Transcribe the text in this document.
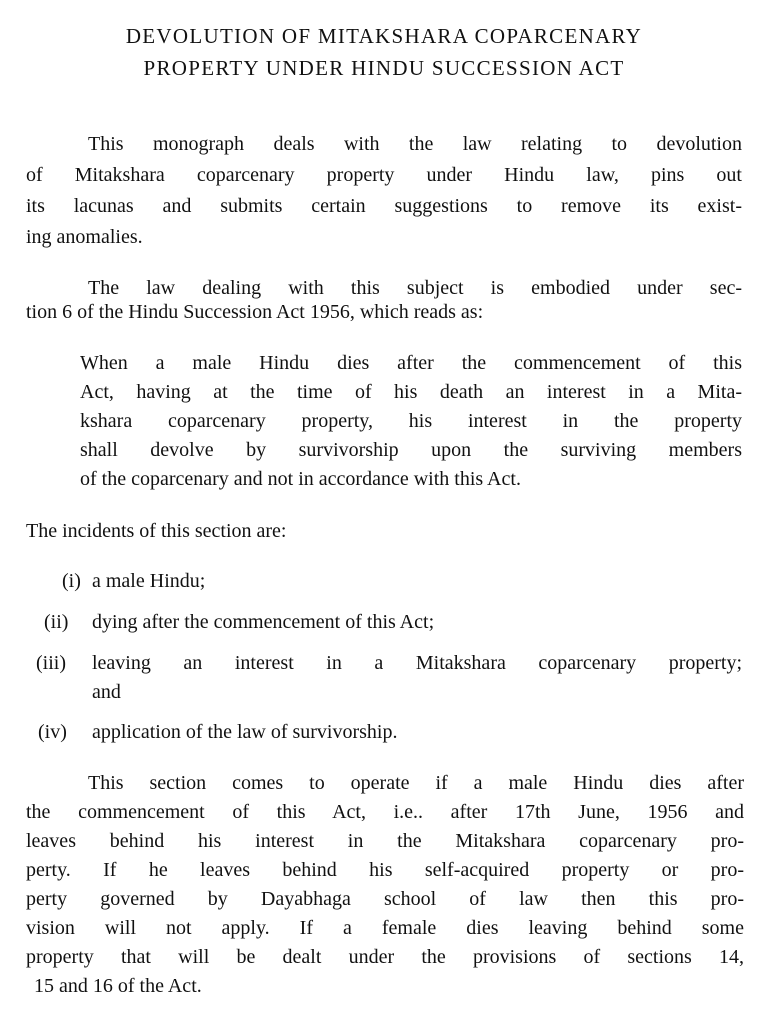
DEVOLUTION OF MITAKSHARA COPARCENARY
PROPERTY UNDER HINDU SUCCESSION ACT
This monograph deals with the law relating to devolution
of Mitakshara coparcenary property under Hindu law, pins out
its lacunas and submits certain suggestions to remove its exist-
ing anomalies.
The law dealing with this subject is embodied under sec-
tion 6 of the Hindu Succession Act 1956, which reads as:
When a male Hindu dies after the commencement of this
Act, having at the time of his death an interest in a Mita-
kshara coparcenary property, his interest in the property
shall devolve by survivorship upon the surviving members
of the coparcenary and not in accordance with this Act.
The incidents of this section are:
(i) a male Hindu;
(ii) dying after the commencement of this Act;
(iii) leaving an interest in a Mitakshara coparcenary property;
and
(iv) application of the law of survivorship.
This section comes to operate if a male Hindu dies after
the commencement of this Act, i.e.. after 17th June, 1956 and
leaves behind his interest in the Mitakshara coparcenary pro-
perty. If he leaves behind his self-acquired property or pro-
perty governed by Dayabhaga school of law then this pro-
vision will not apply. If a female dies leaving behind some
property that will be dealt under the provisions of sections 14,
15 and 16 of the Act.
